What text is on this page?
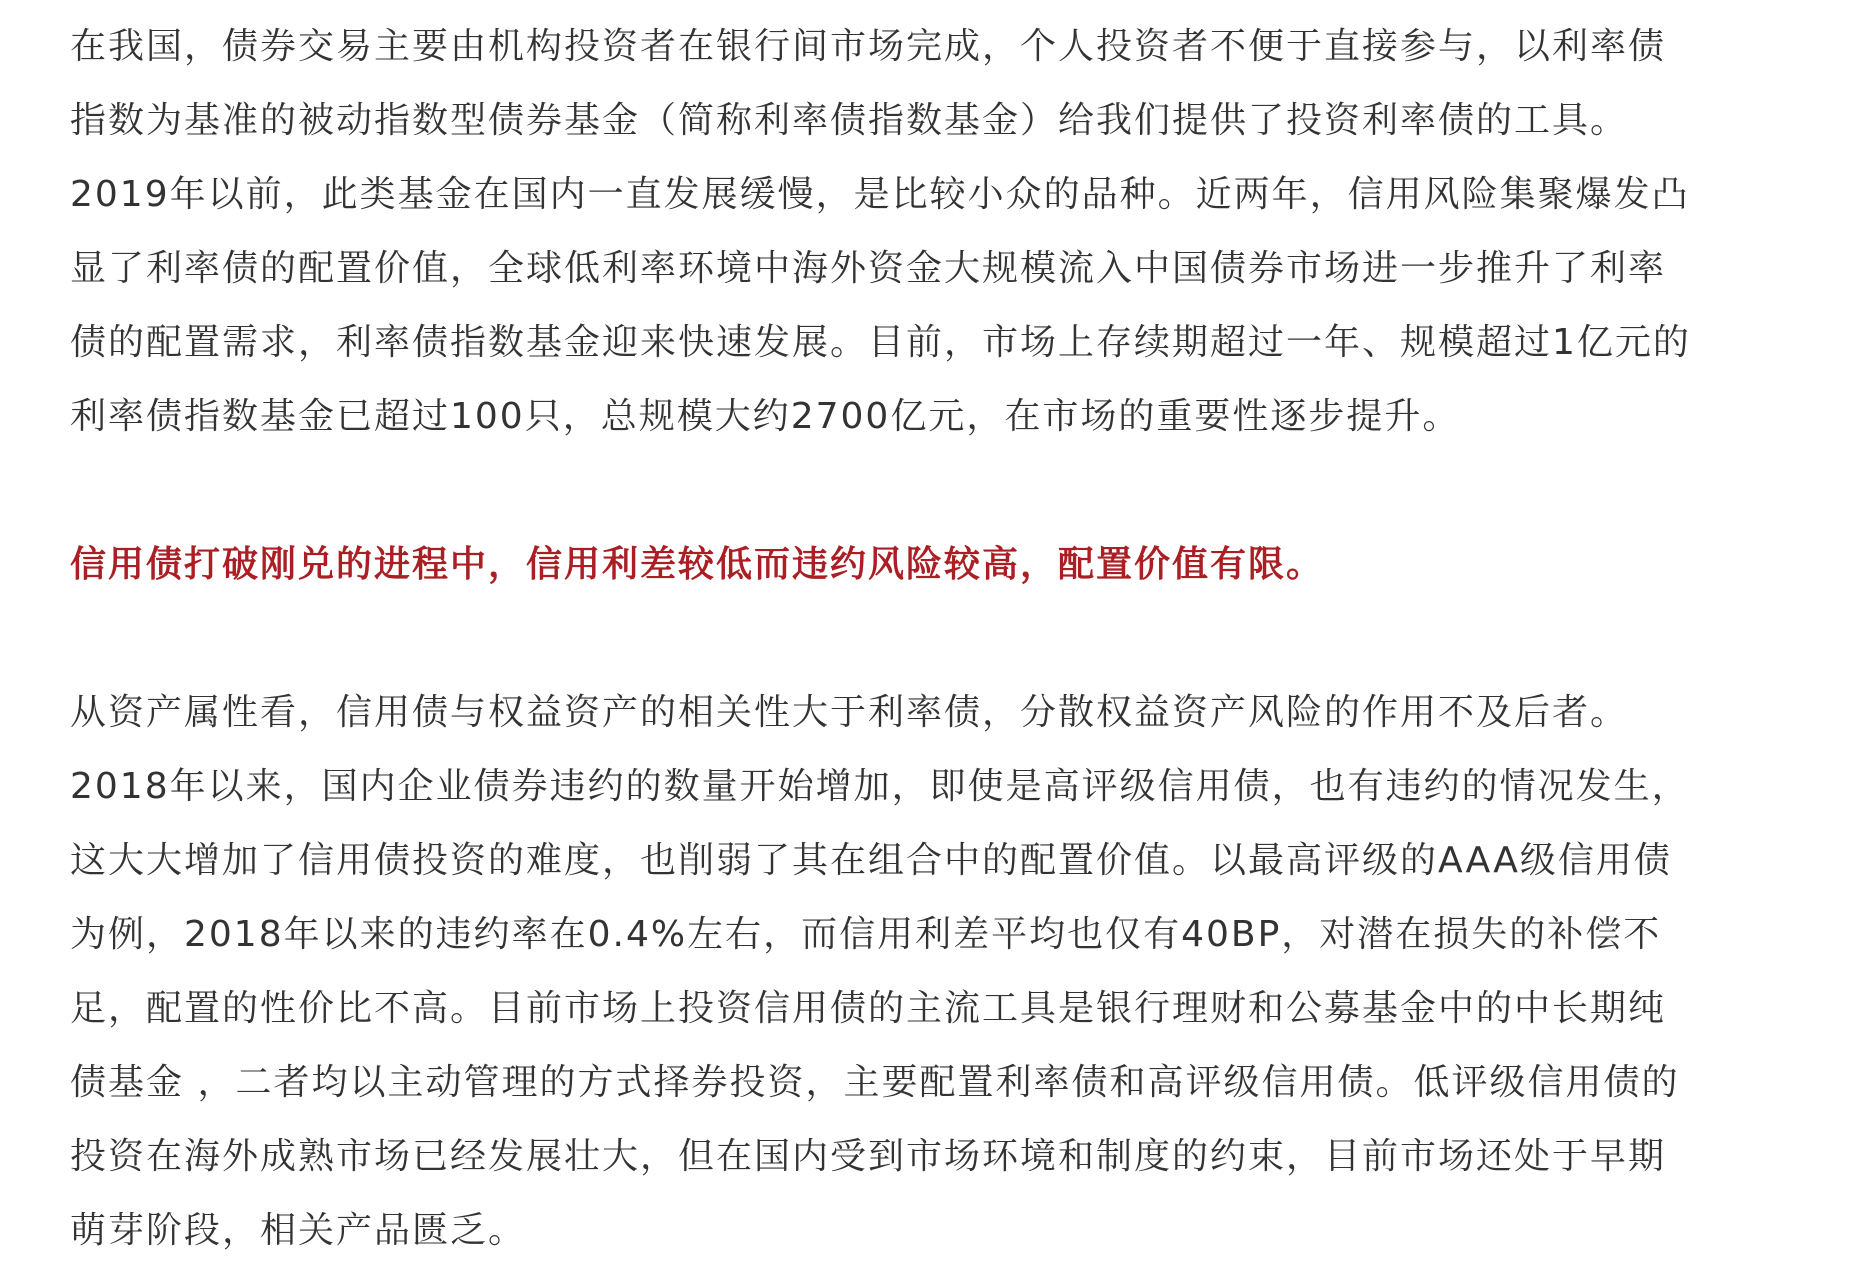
在我国，债券交易主要由机构投资者在银行间市场完成，个人投资者不便于直接参与，以利率债
指数为基准的被动指数型债券基金（简称利率债指数基金）给我们提供了投资利率债的工具。
2019年以前，此类基金在国内一直发展缓慢，是比较小众的品种。近两年，信用风险集聚爆发凸
显了利率债的配置价值，全球低利率环境中海外资金大规模流入中国债券市场进一步推升了利率
债的配置需求，利率债指数基金迎来快速发展。目前，市场上存续期超过一年、规模超过1亿元的
利率债指数基金已超过100只，总规模大约2700亿元，在市场的重要性逐步提升。

信用债打破刚兑的进程中，信用利差较低而违约风险较高，配置价值有限。

从资产属性看，信用债与权益资产的相关性大于利率债，分散权益资产风险的作用不及后者。
2018年以来，国内企业债券违约的数量开始增加，即使是高评级信用债，也有违约的情况发生，
这大大增加了信用债投资的难度，也削弱了其在组合中的配置价值。以最高评级的AAA级信用债
为例，2018年以来的违约率在0.4%左右，而信用利差平均也仅有40BP，对潜在损失的补偿不
足，配置的性价比不高。目前市场上投资信用债的主流工具是银行理财和公募基金中的中长期纯
债基金 ，二者均以主动管理的方式择券投资，主要配置利率债和高评级信用债。低评级信用债的
投资在海外成熟市场已经发展壮大，但在国内受到市场环境和制度的约束，目前市场还处于早期
萌芽阶段，相关产品匮乏。
